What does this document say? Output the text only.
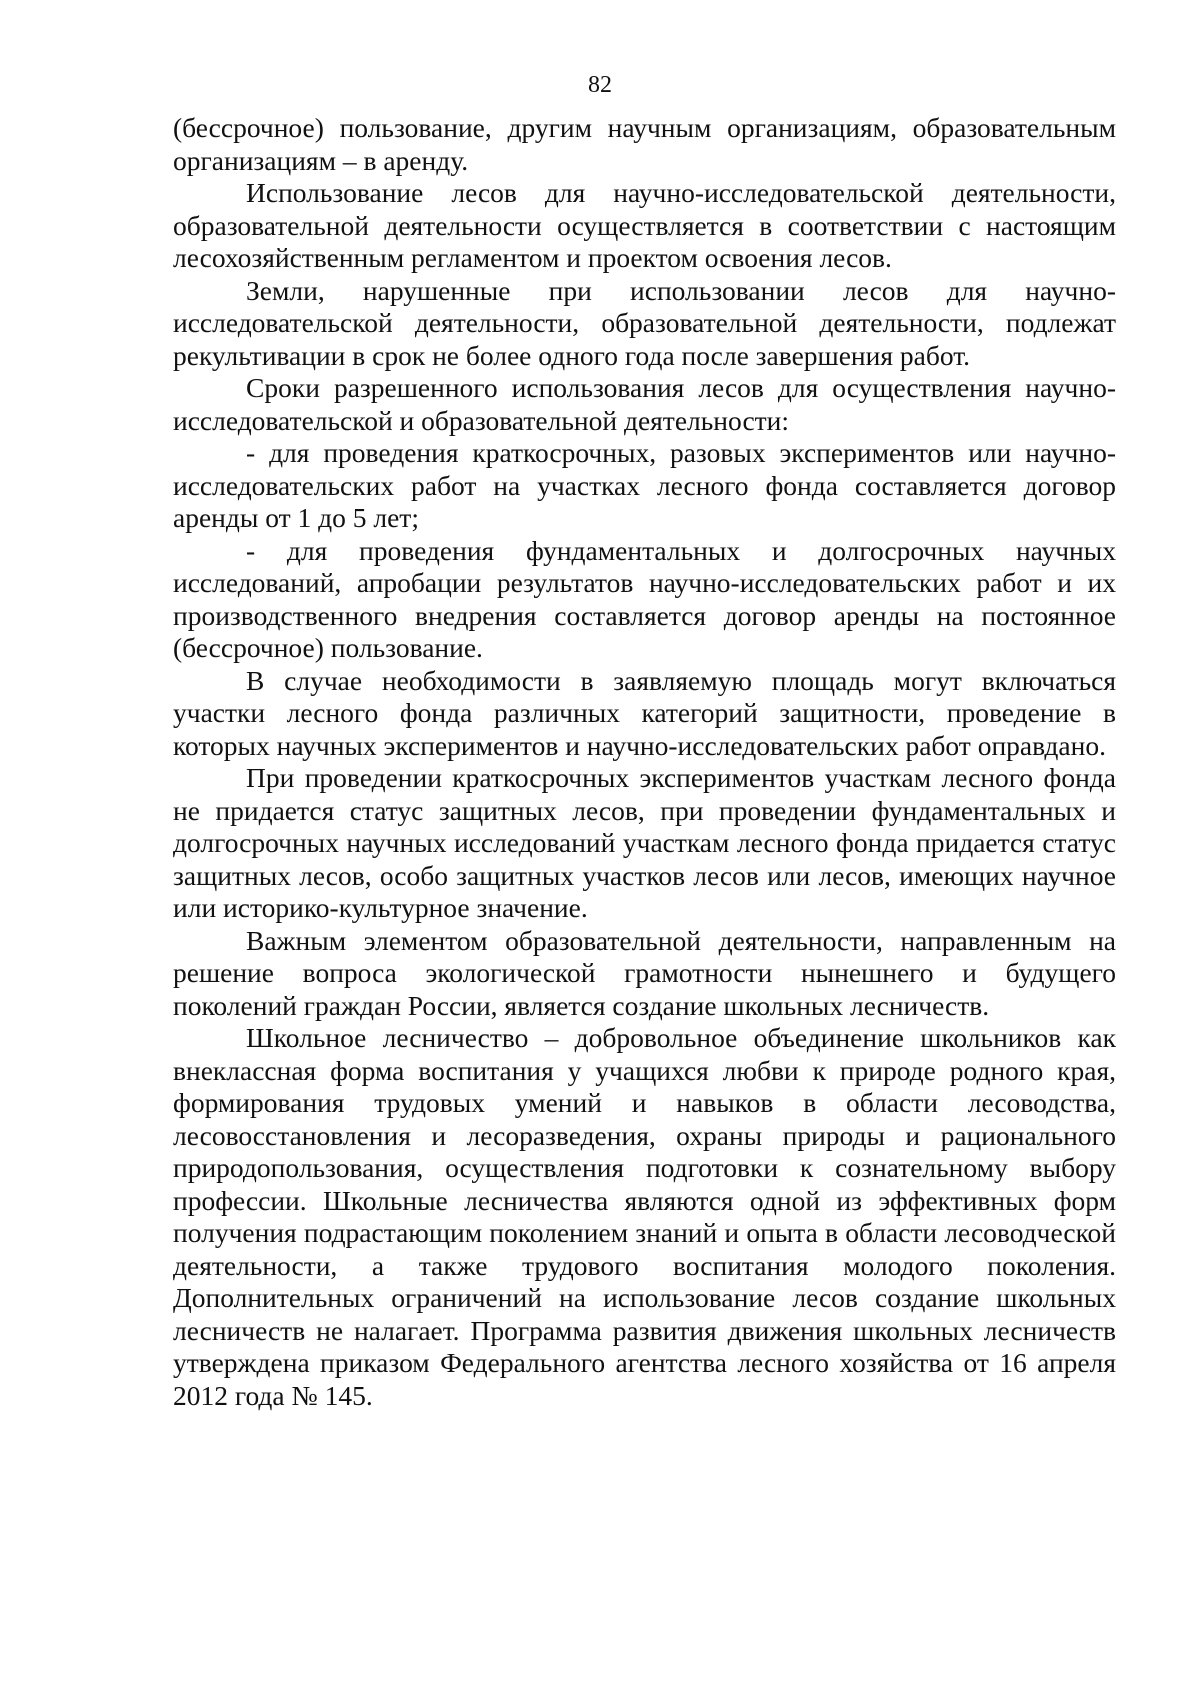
82

(бессрочное) пользование, другим научным организациям, образовательным организациям – в аренду.

Использование лесов для научно-исследовательской деятельности, образовательной деятельности осуществляется в соответствии с настоящим лесохозяйственным регламентом и проектом освоения лесов.

Земли, нарушенные при использовании лесов для научно-исследовательской деятельности, образовательной деятельности, подлежат рекультивации в срок не более одного года после завершения работ.

Сроки разрешенного использования лесов для осуществления научно-исследовательской и образовательной деятельности:

- для проведения краткосрочных, разовых экспериментов или научно-исследовательских работ на участках лесного фонда составляется договор аренды от 1 до 5 лет;

- для проведения фундаментальных и долгосрочных научных исследований, апробации результатов научно-исследовательских работ и их производственного внедрения составляется договор аренды на постоянное (бессрочное) пользование.

В случае необходимости в заявляемую площадь могут включаться участки лесного фонда различных категорий защитности, проведение в которых научных экспериментов и научно-исследовательских работ оправдано.

При проведении краткосрочных экспериментов участкам лесного фонда не придается статус защитных лесов, при проведении фундаментальных и долгосрочных научных исследований участкам лесного фонда придается статус защитных лесов, особо защитных участков лесов или лесов, имеющих научное или историко-культурное значение.

Важным элементом образовательной деятельности, направленным на решение вопроса экологической грамотности нынешнего и будущего поколений граждан России, является создание школьных лесничеств.

Школьное лесничество – добровольное объединение школьников как внеклассная форма воспитания у учащихся любви к природе родного края, формирования трудовых умений и навыков в области лесоводства, лесовосстановления и лесоразведения, охраны природы и рационального природопользования, осуществления подготовки к сознательному выбору профессии. Школьные лесничества являются одной из эффективных форм получения подрастающим поколением знаний и опыта в области лесоводческой деятельности, а также трудового воспитания молодого поколения. Дополнительных ограничений на использование лесов создание школьных лесничеств не налагает. Программа развития движения школьных лесничеств утверждена приказом Федерального агентства лесного хозяйства от 16 апреля 2012 года № 145.
